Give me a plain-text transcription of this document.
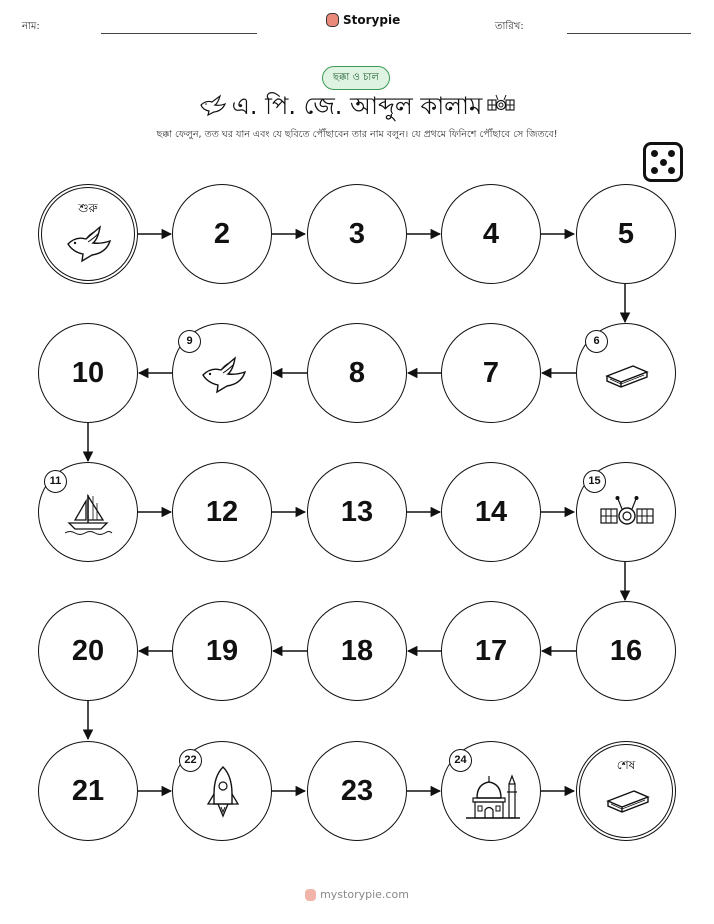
নাম:	Storypie	তারিখ:
ছক্কা ও চাল
এ. পি. জে. আব্দুল কালাম
ছক্কা ফেলুন, তত ঘর যান এবং যে ছবিতে পৌঁছাবেন তার নাম বলুন। যে প্রথমে ফিনিশে পৌঁছাবে সে জিতবে!
শুরু
2	3	4	5
10
9
8	7
6
11
12	13	14
15
20	19	18	17	16
21
22
23
24	শেষ
mystorypie.com
